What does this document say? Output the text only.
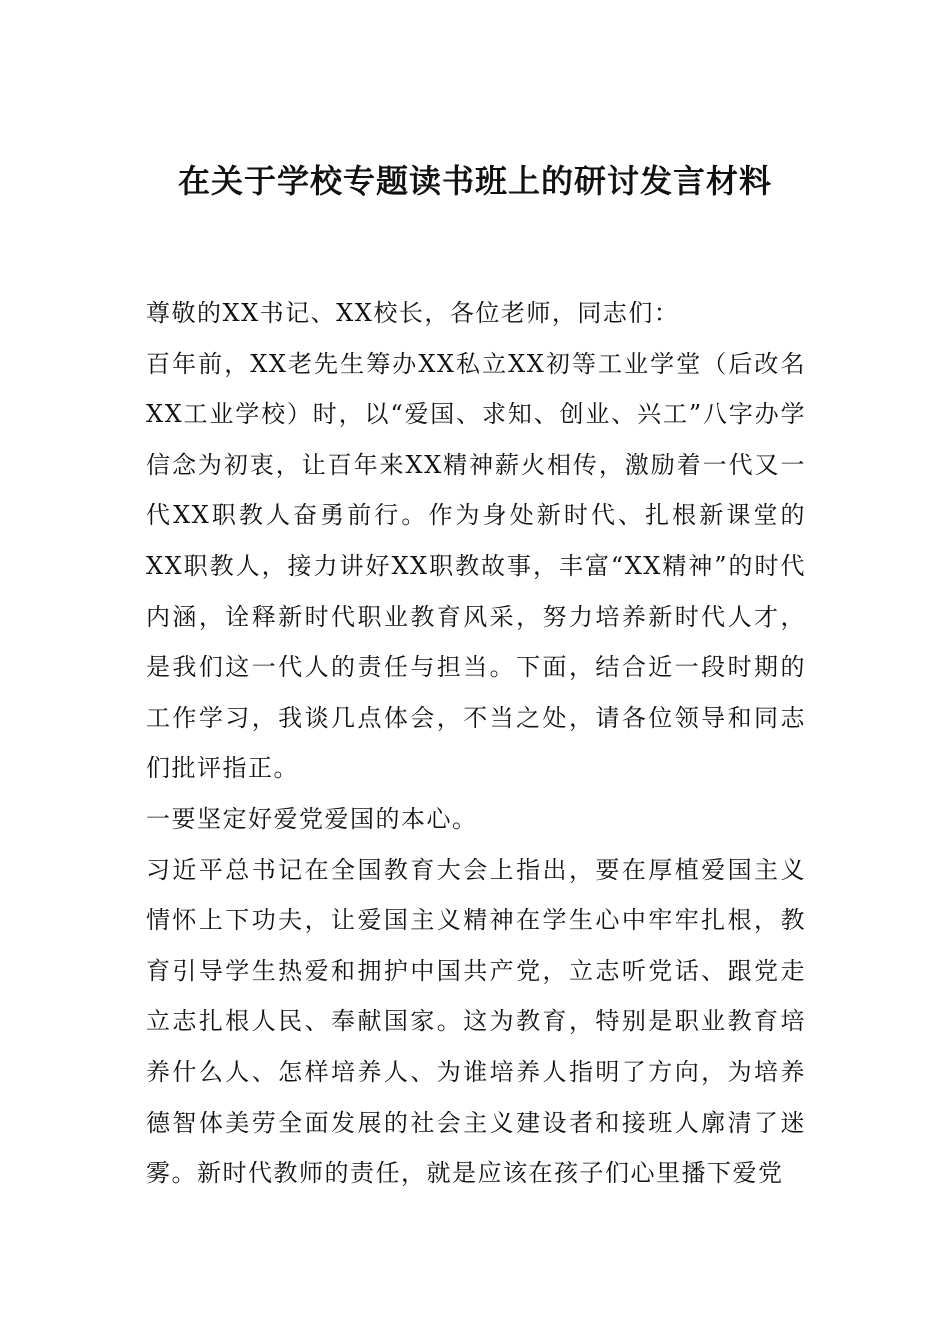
在关于学校专题读书班上的研讨发言材料

尊敬的XX书记、XX校长，各位老师，同志们：

百年前，XX老先生筹办XX私立XX初等工业学堂（后改名XX工业学校）时，以“爱国、求知、创业、兴工”八字办学信念为初衷，让百年来XX精神薪火相传，激励着一代又一代XX职教人奋勇前行。作为身处新时代、扎根新课堂的XX职教人，接力讲好XX职教故事，丰富“XX精神”的时代内涵，诠释新时代职业教育风采，努力培养新时代人才，是我们这一代人的责任与担当。下面，结合近一段时期的工作学习，我谈几点体会，不当之处，请各位领导和同志们批评指正。

一要坚定好爱党爱国的本心。

习近平总书记在全国教育大会上指出，要在厚植爱国主义情怀上下功夫，让爱国主义精神在学生心中牢牢扎根，教育引导学生热爱和拥护中国共产党，立志听党话、跟党走立志扎根人民、奉献国家。这为教育，特别是职业教育培养什么人、怎样培养人、为谁培养人指明了方向，为培养德智体美劳全面发展的社会主义建设者和接班人廓清了迷雾。新时代教师的责任，就是应该在孩子们心里播下爱党
